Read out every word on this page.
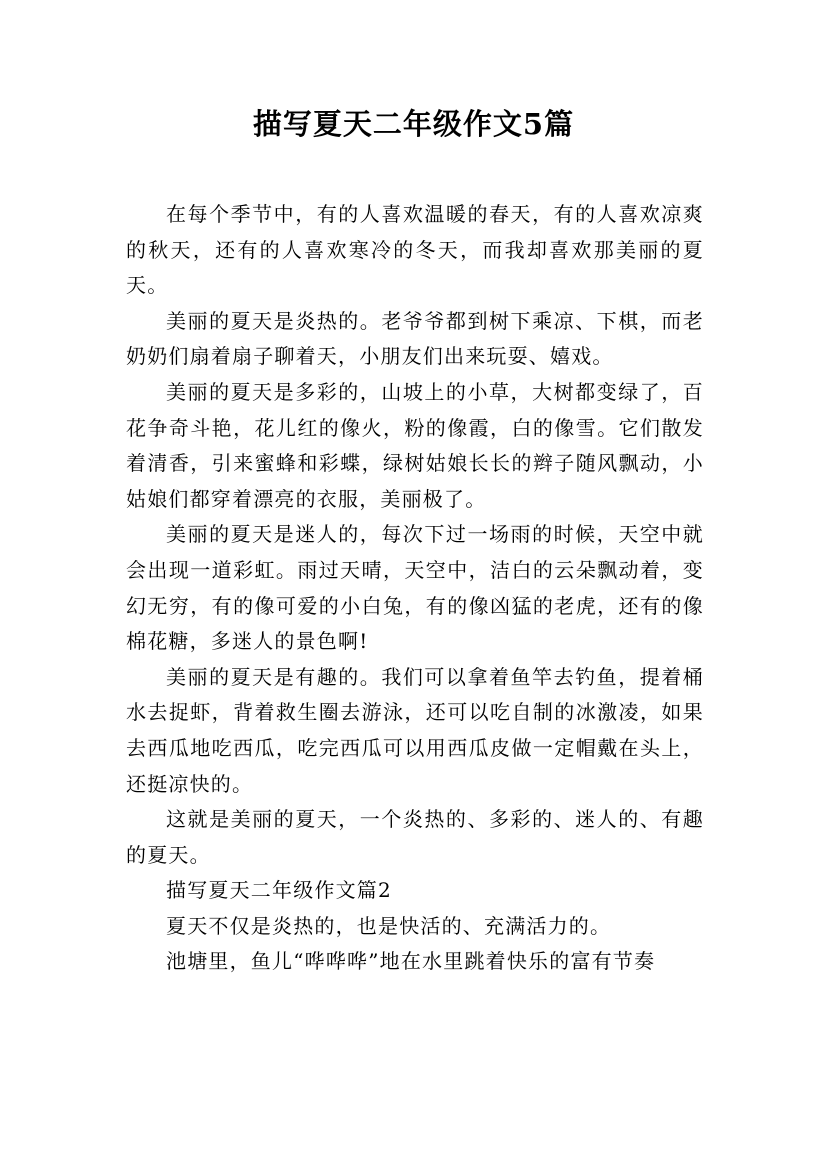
描写夏天二年级作文5篇

在每个季节中，有的人喜欢温暖的春天，有的人喜欢凉爽的秋天，还有的人喜欢寒冷的冬天，而我却喜欢那美丽的夏天。

美丽的夏天是炎热的。老爷爷都到树下乘凉、下棋，而老奶奶们扇着扇子聊着天，小朋友们出来玩耍、嬉戏。

美丽的夏天是多彩的，山坡上的小草，大树都变绿了，百花争奇斗艳，花儿红的像火，粉的像霞，白的像雪。它们散发着清香，引来蜜蜂和彩蝶，绿树姑娘长长的辫子随风飘动，小姑娘们都穿着漂亮的衣服，美丽极了。

美丽的夏天是迷人的，每次下过一场雨的时候，天空中就会出现一道彩虹。雨过天晴，天空中，洁白的云朵飘动着，变幻无穷，有的像可爱的小白兔，有的像凶猛的老虎，还有的像棉花糖，多迷人的景色啊!

美丽的夏天是有趣的。我们可以拿着鱼竿去钓鱼，提着桶水去捉虾，背着救生圈去游泳，还可以吃自制的冰激凌，如果去西瓜地吃西瓜，吃完西瓜可以用西瓜皮做一定帽戴在头上，还挺凉快的。

这就是美丽的夏天，一个炎热的、多彩的、迷人的、有趣的夏天。

描写夏天二年级作文篇2

夏天不仅是炎热的，也是快活的、充满活力的。

池塘里，鱼儿“哗哗哗”地在水里跳着快乐的富有节奏
